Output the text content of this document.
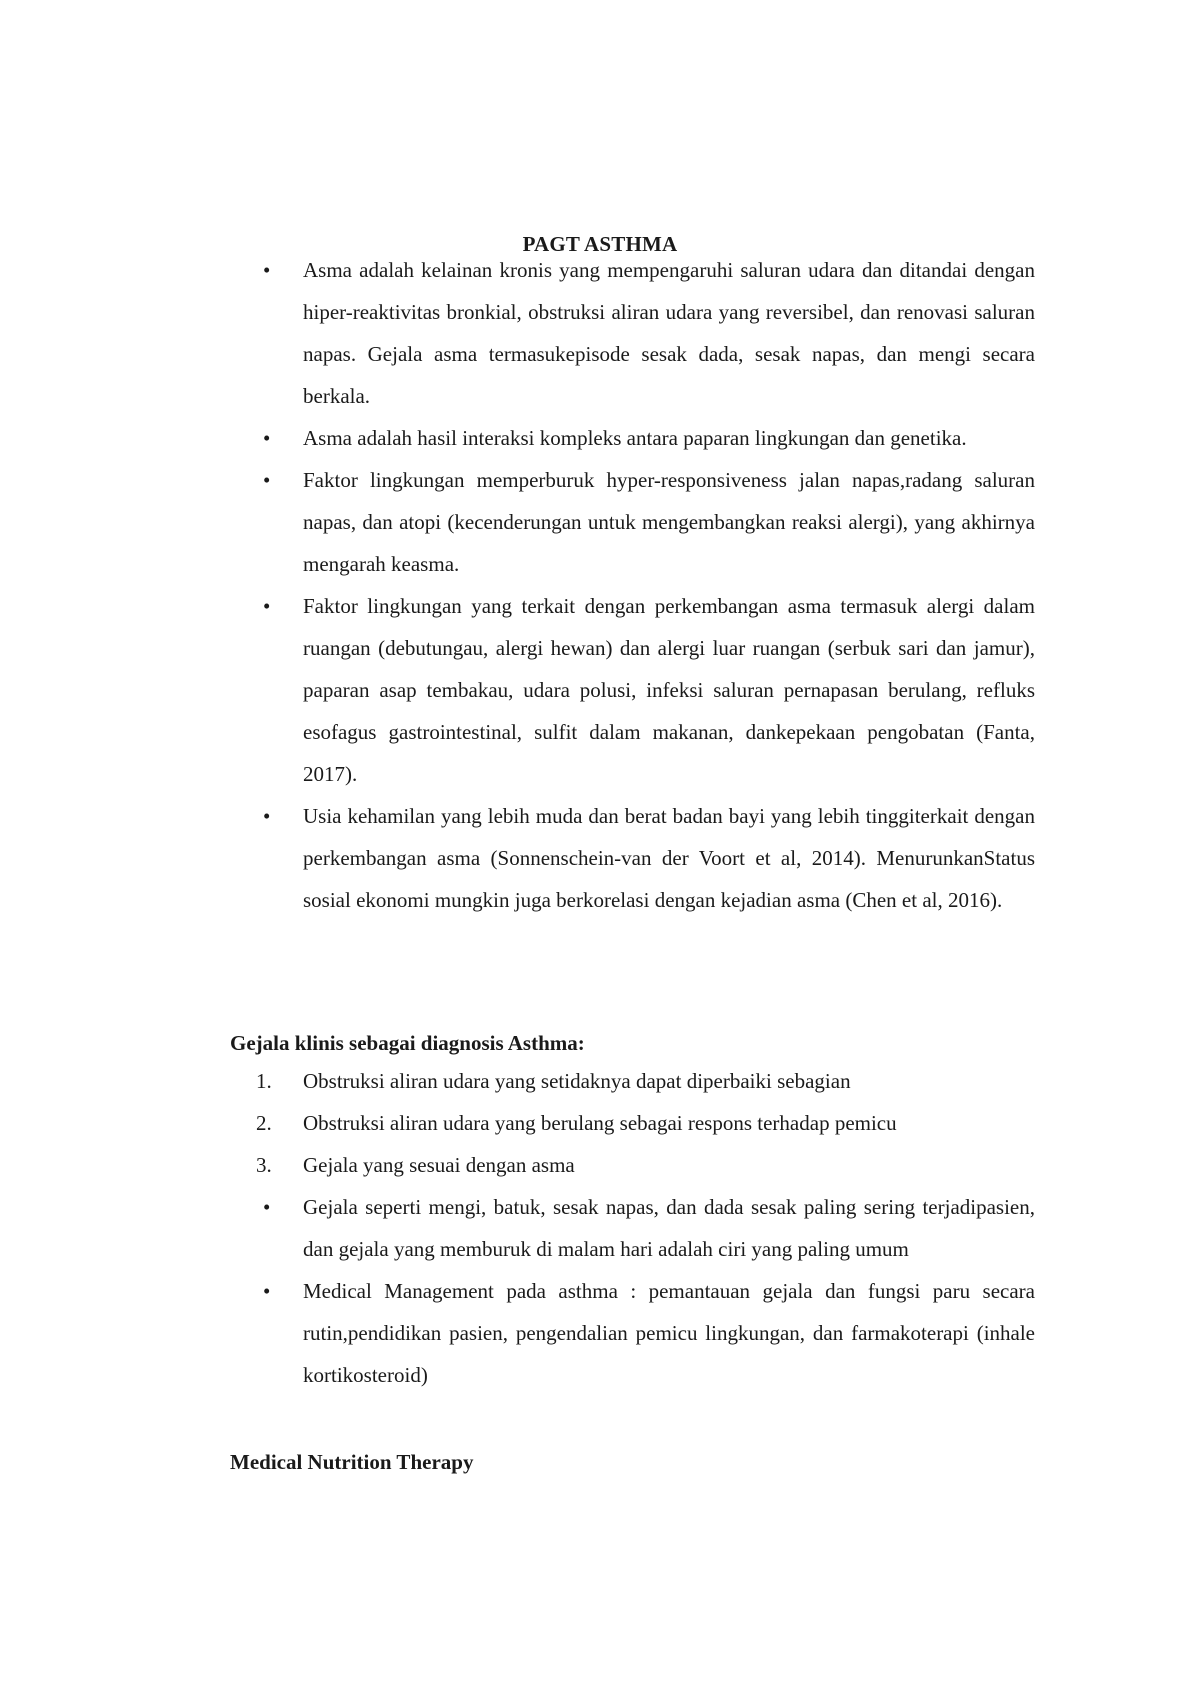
PAGT ASTHMA
•	Asma adalah kelainan kronis yang mempengaruhi saluran udara dan ditandai dengan hiper-reaktivitas bronkial, obstruksi aliran udara yang reversibel, dan renovasi saluran napas. Gejala asma termasukepisode sesak dada, sesak napas, dan mengi secara berkala.
•	Asma adalah hasil interaksi kompleks antara paparan lingkungan dan genetika.
•	Faktor lingkungan memperburuk hyper-responsiveness jalan napas,radang saluran napas, dan atopi (kecenderungan untuk mengembangkan reaksi alergi), yang akhirnya mengarah keasma.
•	Faktor lingkungan yang terkait dengan perkembangan asma termasuk alergi dalam ruangan (debutungau, alergi hewan) dan alergi luar ruangan (serbuk sari dan jamur), paparan asap tembakau, udara polusi, infeksi saluran pernapasan berulang, refluks esofagus gastrointestinal, sulfit dalam makanan, dankepekaan pengobatan (Fanta, 2017).
•	Usia kehamilan yang lebih muda dan berat badan bayi yang lebih tinggiterkait dengan perkembangan asma (Sonnenschein-van der Voort et al, 2014). MenurunkanStatus sosial ekonomi mungkin juga berkorelasi dengan kejadian asma (Chen et al, 2016).
Gejala klinis sebagai diagnosis Asthma:
1.	Obstruksi aliran udara yang setidaknya dapat diperbaiki sebagian
2.	Obstruksi aliran udara yang berulang sebagai respons terhadap pemicu
3.	Gejala yang sesuai dengan asma
•	Gejala seperti mengi, batuk, sesak napas, dan dada sesak paling sering terjadipasien, dan gejala yang memburuk di malam hari adalah ciri yang paling umum
•	Medical Management pada asthma : pemantauan gejala dan fungsi paru secara rutin,pendidikan pasien, pengendalian pemicu lingkungan, dan farmakoterapi (inhale kortikosteroid)
Medical Nutrition Therapy
